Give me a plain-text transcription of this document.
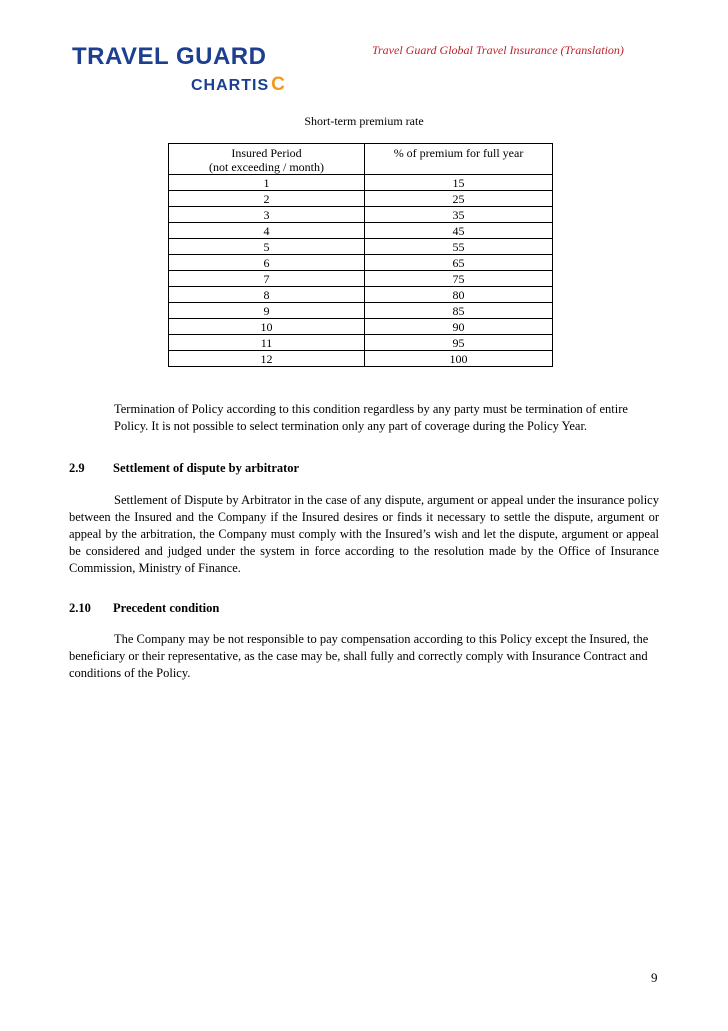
TRAVEL GUARD
CHARTIS C
Travel Guard Global Travel Insurance (Translation)
Short-term premium rate
Insured Period
(not exceeding / month)	% of premium for full year
1	15
2	25
3	35
4	45
5	55
6	65
7	75
8	80
9	85
10	90
11	95
12	100
Termination of Policy according to this condition regardless by any party must be termination of entire Policy. It is not possible to select termination only any part of coverage during the Policy Year.
2.9 Settlement of dispute by arbitrator
Settlement of Dispute by Arbitrator in the case of any dispute, argument or appeal under the insurance policy between the Insured and the Company if the Insured desires or finds it necessary to settle the dispute, argument or appeal by the arbitration, the Company must comply with the Insured’s wish and let the dispute, argument or appeal be considered and judged under the system in force according to the resolution made by the Office of Insurance Commission, Ministry of Finance.
2.10 Precedent condition
The Company may be not responsible to pay compensation according to this Policy except the Insured, the beneficiary or their representative, as the case may be, shall fully and correctly comply with Insurance Contract and conditions of the Policy.
9
